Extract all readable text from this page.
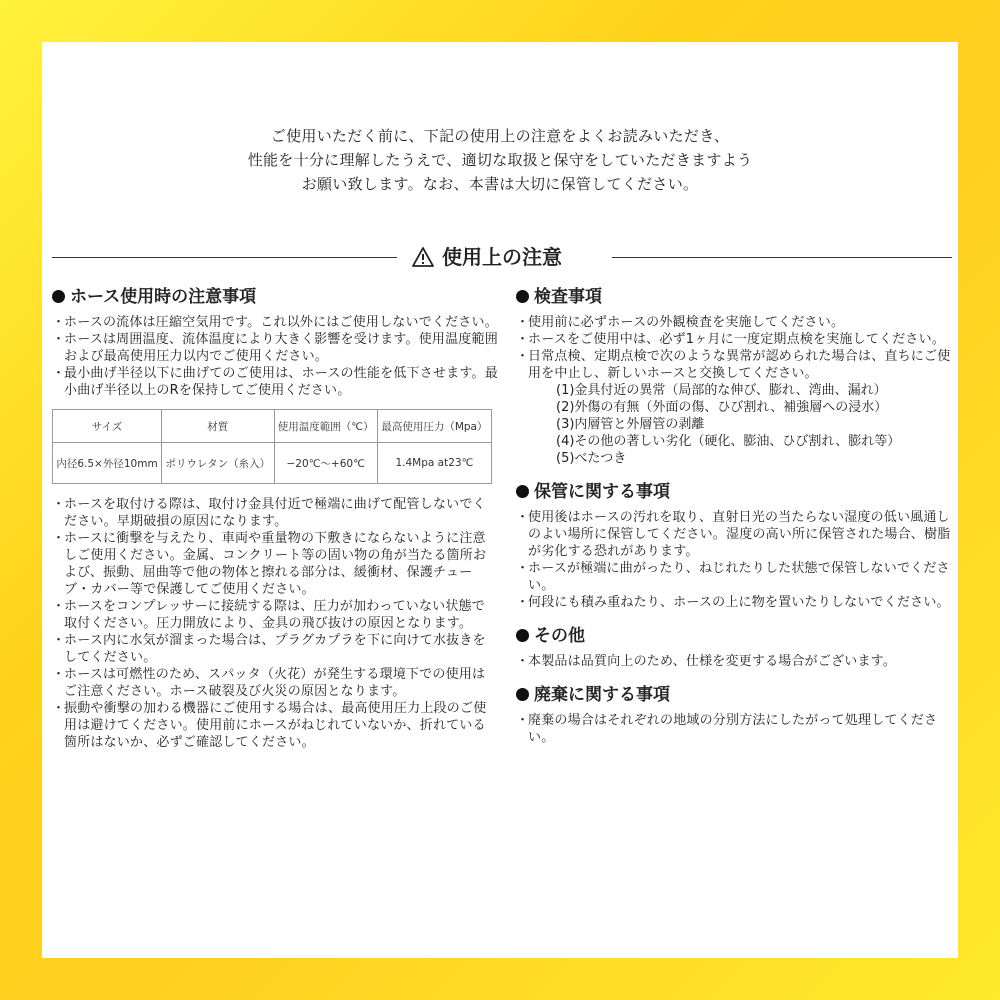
ご使用いただく前に、下記の使用上の注意をよくお読みいただき、
性能を十分に理解したうえで、適切な取扱と保守をしていただきますよう
お願い致します。なお、本書は大切に保管してください。
使用上の注意
ホース使用時の注意事項

・ホースの流体は圧縮空気用です。これ以外にはご使用しないでください。

・ホースは周囲温度、流体温度により大きく影響を受けます。使用温度範囲および最高使用圧力以内でご使用ください。

・最小曲げ半径以下に曲げてのご使用は、ホースの性能を低下させます。最小曲げ半径以上のRを保持してご使用ください。

サイズ	材質	使用温度範囲（℃）	最高使用圧力（Mpa）
内径6.5×外径10mm	ポリウレタン（糸入）	−20℃〜+60℃	1.4Mpa at23℃

・ホースを取付ける際は、取付け金具付近で極端に曲げて配管しないでください。早期破損の原因になります。

・ホースに衝撃を与えたり、車両や重量物の下敷きにならないように注意しご使用ください。金属、コンクリート等の固い物の角が当たる箇所および、振動、屈曲等で他の物体と擦れる部分は、緩衝材、保護チューブ・カバー等で保護してご使用ください。

・ホースをコンプレッサーに接続する際は、圧力が加わっていない状態で取付ください。圧力開放により、金具の飛び抜けの原因となります。

・ホース内に水気が溜まった場合は、プラグカプラを下に向けて水抜きをしてください。

・ホースは可燃性のため、スパッタ（火花）が発生する環境下での使用はご注意ください。ホース破裂及び火災の原因となります。

・振動や衝撃の加わる機器にご使用する場合は、最高使用圧力上段のご使用は避けてください。使用前にホースがねじれていないか、折れている箇所はないか、必ずご確認してください。

検査事項

・使用前に必ずホースの外観検査を実施してください。

・ホースをご使用中は、必ず1ヶ月に一度定期点検を実施してください。

・日常点検、定期点検で次のような異常が認められた場合は、直ちにご使用を中止し、新しいホースと交換してください。

(1)金具付近の異常（局部的な伸び、膨れ、湾曲、漏れ）

(2)外傷の有無（外面の傷、ひび割れ、補強層への浸水）

(3)内層管と外層管の剥離

(4)その他の著しい劣化（硬化、膨油、ひび割れ、膨れ等）

(5)べたつき

保管に関する事項

・使用後はホースの汚れを取り、直射日光の当たらない湿度の低い風通しのよい場所に保管してください。湿度の高い所に保管された場合、樹脂が劣化する恐れがあります。

・ホースが極端に曲がったり、ねじれたりした状態で保管しないでください。

・何段にも積み重ねたり、ホースの上に物を置いたりしないでください。

その他

・本製品は品質向上のため、仕様を変更する場合がございます。

廃棄に関する事項

・廃棄の場合はそれぞれの地域の分別方法にしたがって処理してください。
